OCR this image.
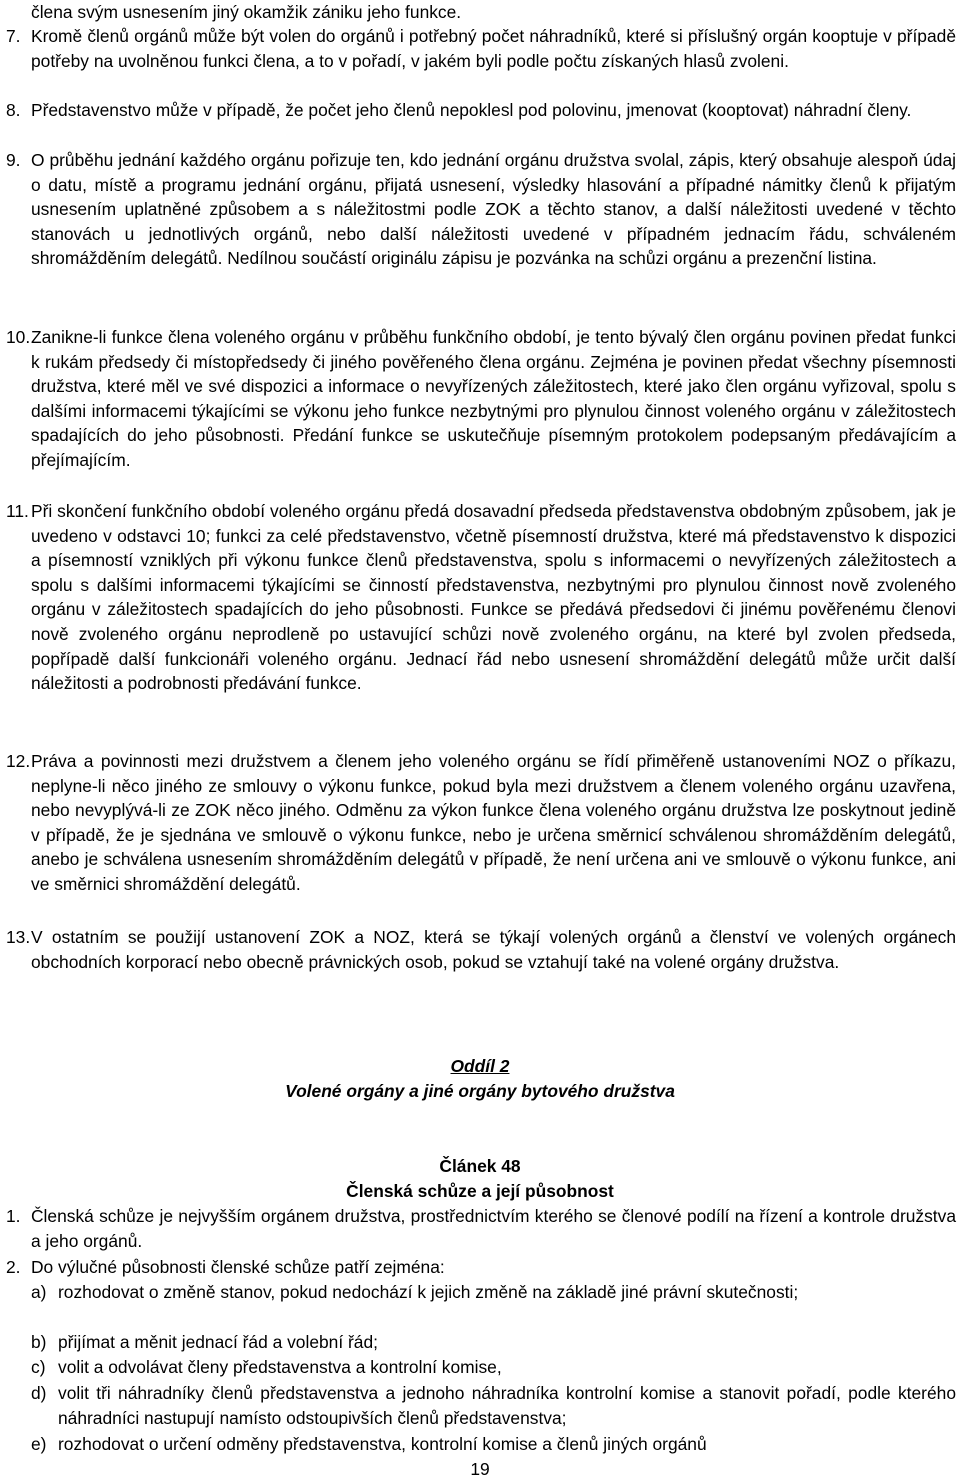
člena svým usnesením jiný okamžik zániku jeho funkce.
7. Kromě členů orgánů může být volen do orgánů i potřebný počet náhradníků, které si příslušný orgán kooptuje v případě potřeby na uvolněnou funkci člena, a to v pořadí, v jakém byli podle počtu získaných hlasů zvoleni.
8. Představenstvo může v případě, že počet jeho členů nepoklesl pod polovinu, jmenovat (kooptovat) náhradní členy.
9. O průběhu jednání každého orgánu pořizuje ten, kdo jednání orgánu družstva svolal, zápis, který obsahuje alespoň údaj o datu, místě a programu jednání orgánu, přijatá usnesení, výsledky hlasování a případné námitky členů k přijatým usnesením uplatněné způsobem a s náležitostmi podle ZOK a těchto stanov, a další náležitosti uvedené v těchto stanovách u jednotlivých orgánů, nebo další náležitosti uvedené v případném jednacím řádu, schváleném shromážděním delegátů. Nedílnou součástí originálu zápisu je pozvánka na schůzi orgánu a prezenční listina.
10. Zanikne-li funkce člena voleného orgánu v průběhu funkčního období, je tento bývalý člen orgánu povinen předat funkci k rukám předsedy či místopředsedy či jiného pověřeného člena orgánu. Zejména je povinen předat všechny písemnosti družstva, které měl ve své dispozici a informace o nevyřízených záležitostech, které jako člen orgánu vyřizoval, spolu s dalšími informacemi týkajícími se výkonu jeho funkce nezbytnými pro plynulou činnost voleného orgánu v záležitostech spadajících do jeho působnosti. Předání funkce se uskutečňuje písemným protokolem podepsaným předávajícím a přejímajícím.
11. Při skončení funkčního období voleného orgánu předá dosavadní předseda představenstva obdobným způsobem, jak je uvedeno v odstavci 10; funkci za celé představenstvo, včetně písemností družstva, které má představenstvo k dispozici a písemností vzniklých při výkonu funkce členů představenstva, spolu s informacemi o nevyřízených záležitostech a spolu s dalšími informacemi týkajícími se činností představenstva, nezbytnými pro plynulou činnost nově zvoleného orgánu v záležitostech spadajících do jeho působnosti. Funkce se předává předsedovi či jinému pověřenému členovi nově zvoleného orgánu neprodleně po ustavující schůzi nově zvoleného orgánu, na které byl zvolen předseda, popřípadě další funkcionáři voleného orgánu. Jednací řád nebo usnesení shromáždění delegátů může určit další náležitosti a podrobnosti předávání funkce.
12. Práva a povinnosti mezi družstvem a členem jeho voleného orgánu se řídí přiměřeně ustanoveními NOZ o příkazu, neplyne-li něco jiného ze smlouvy o výkonu funkce, pokud byla mezi družstvem a členem voleného orgánu uzavřena, nebo nevyplývá-li ze ZOK něco jiného. Odměnu za výkon funkce člena voleného orgánu družstva lze poskytnout jedině v případě, že je sjednána ve smlouvě o výkonu funkce, nebo je určena směrnicí schválenou shromážděním delegátů, anebo je schválena usnesením shromážděním delegátů v případě, že není určena ani ve smlouvě o výkonu funkce, ani ve směrnici shromáždění delegátů.
13. V ostatním se použijí ustanovení ZOK a NOZ, která se týkají volených orgánů a členství ve volených orgánech obchodních korporací nebo obecně právnických osob, pokud se vztahují také na volené orgány družstva.
Oddíl 2
Volené orgány a jiné orgány bytového družstva
Článek 48
Členská schůze a její působnost
1. Členská schůze je nejvyšším orgánem družstva, prostřednictvím kterého se členové podílí na řízení a kontrole družstva a jeho orgánů.
2. Do výlučné působnosti členské schůze patří zejména:
a) rozhodovat o změně stanov, pokud nedochází k jejich změně na základě jiné právní skutečnosti;
b) přijímat a měnit jednací řád a volební řád;
c) volit a odvolávat členy představenstva a kontrolní komise,
d) volit tři náhradníky členů představenstva a jednoho náhradníka kontrolní komise a stanovit pořadí, podle kterého náhradníci nastupují namísto odstoupivších členů představenstva;
e) rozhodovat o určení odměny představenstva, kontrolní komise a členů jiných orgánů
19
